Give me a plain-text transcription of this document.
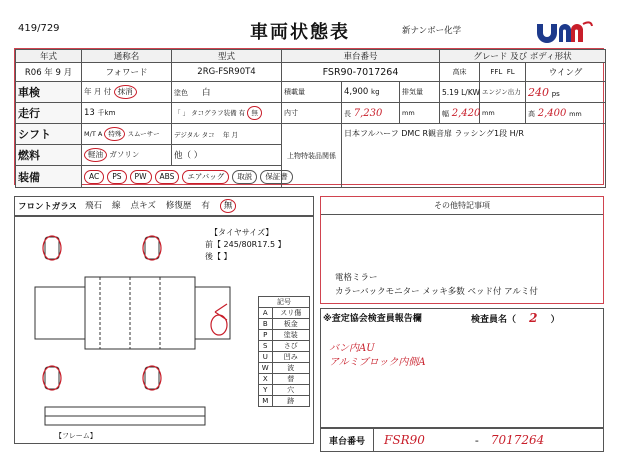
419/729	車両状態表	新ナンボー化学
年式	通称名	型式	車台番号			グレード 及び ボディ形状		
R06 年 9 月	フォワード	2RG-FSR90T4	FSR90-7017264			高床	FFL FL	ウイング
車検	年 月 付 抹消	塗色 白	積載量	4,900 kg	排気量	5.19 L/KW	エンジン出力	240 ps
走行	13 千km	「 」 タコグラフ装備 有 無	内寸	長 7,230	mm	幅 2,420	mm	高 2,400 mm
シフト	M/T A 特殊 スムーサー	デジタル タコ 年 月	上物特装品関係	日本フルハーフ DMC R観音扉 ラッシング1段 H/R				
燃料	軽油 ガソリン	他（ ）						
装備	AC PS PW ABS エアバッグ 取説 保証書							
フロントガラス 飛石 線 点キズ 修復歴 有	無
【タイヤサイズ】
前【 245/80R17.5 】
後【 】
【フレーム】
記号	
A	スリ傷
B	板金
P	塗装
S	さび
U	凹み
W	波
X	替
Y	穴
M	跡
その他特記事項
電格ミラー
カラーバックモニター メッキ多数 ベッド付 アルミ付
※査定協会検査員報告欄	検査員名（ 2 ）
バン内AU
アルミブロック内側A
車台番号	FSR90	- 7017264
